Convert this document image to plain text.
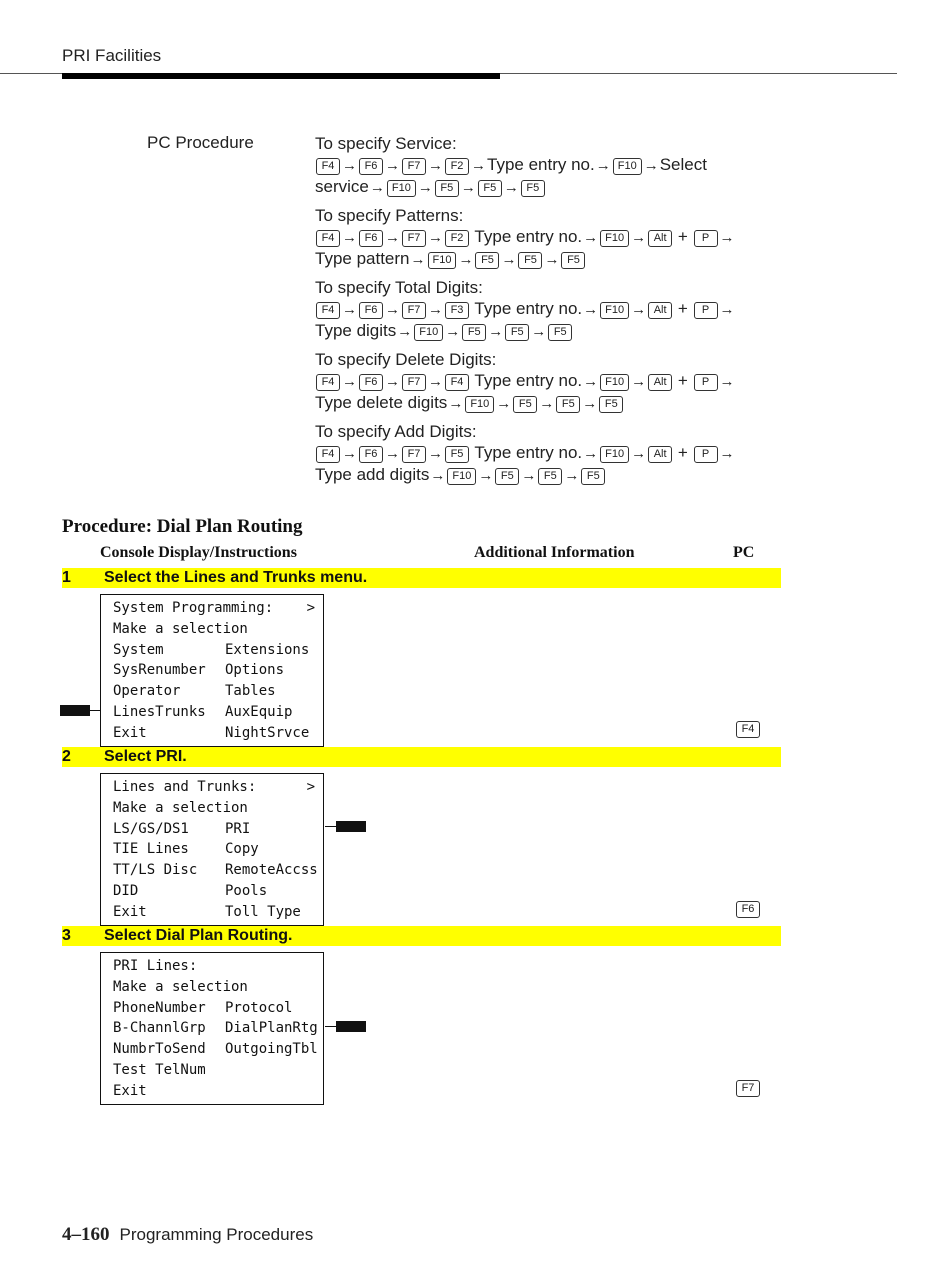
PRI Facilities
PC Procedure	To specify Service:
F4 → F6 → F7 → F2 →Type entry no.→ F10 →Select
service→ F10 → F5 → F5 → F5
To specify Patterns:
F4 → F6 → F7 → F2 Type entry no.→ F10 → Alt + P →
Type pattern→ F10 → F5 → F5 → F5
To specify Total Digits:
F4 → F6 → F7 → F3 Type entry no.→ F10 → Alt + P →
Type digits→ F10 → F5 → F5 → F5
To specify Delete Digits:
F4 → F6 → F7 → F4 Type entry no.→ F10 → Alt + P →
Type delete digits→ F10 → F5 → F5 → F5
To specify Add Digits:
F4 → F6 → F7 → F5 Type entry no.→ F10 → Alt + P →
Type add digits→ F10 → F5 → F5 → F5
Procedure: Dial Plan Routing
Console Display/Instructions	Additional Information	PC
1	Select the Lines and Trunks menu.
System Programming: >
Make a selection
System	Extensions
SysRenumber Options
Operator	Tables
LinesTrunks AuxEquip
Exit	NightSrvce	F4
2	Select PRI.
Lines and Trunks:	>
Make a selection
LS/GS/DS1	PRI
TIE Lines	Copy
TT/LS Disc RemoteAccss
DID	Pools
Exit	Toll Type	F6
3	Select Dial Plan Routing.
PRI Lines:
Make a selection
PhoneNumber Protocol
B-ChannlGrp DialPlanRtg
NumbrToSend OutgoingTbl
Test TelNum
Exit	F7
4–160 Programming Procedures
